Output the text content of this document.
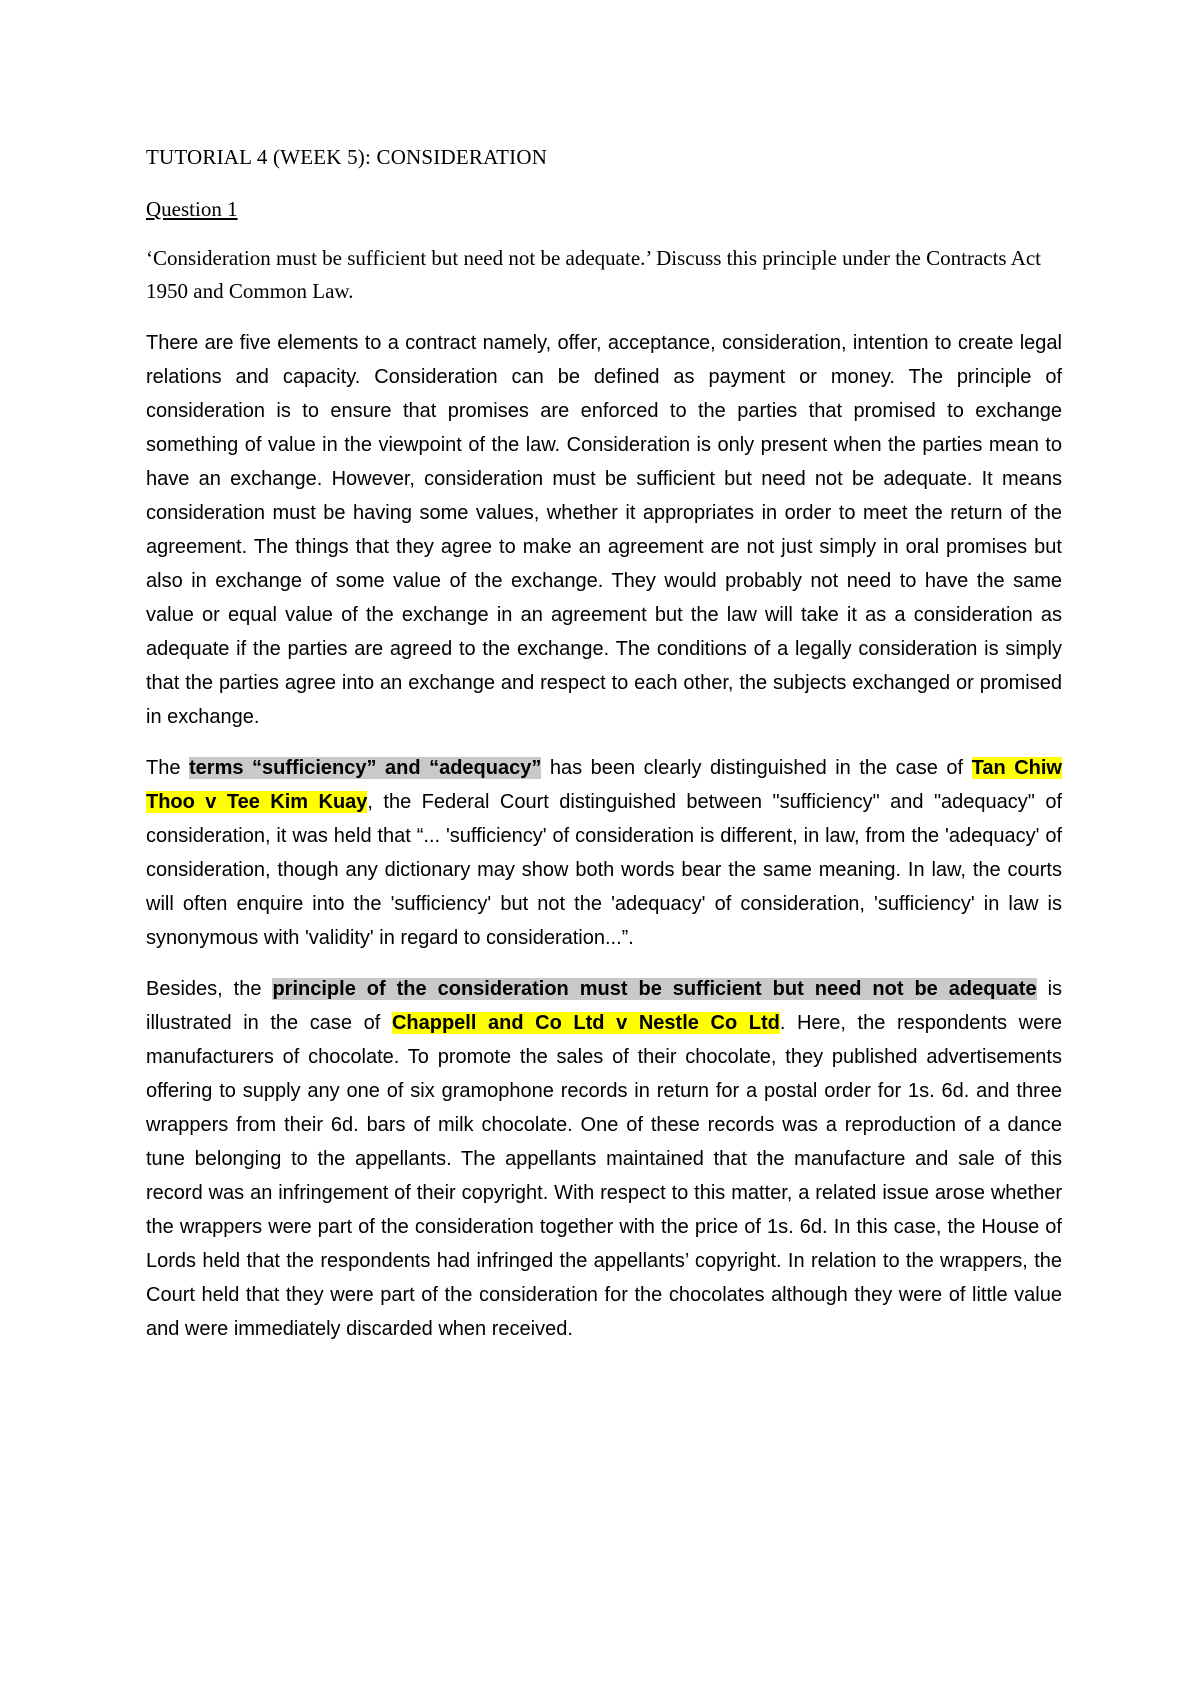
TUTORIAL 4 (WEEK 5): CONSIDERATION

Question 1

‘Consideration must be sufficient but need not be adequate.’ Discuss this principle under the Contracts Act 1950 and Common Law.

There are five elements to a contract namely, offer, acceptance, consideration, intention to create legal relations and capacity. Consideration can be defined as payment or money. The principle of consideration is to ensure that promises are enforced to the parties that promised to exchange something of value in the viewpoint of the law. Consideration is only present when the parties mean to have an exchange. However, consideration must be sufficient but need not be adequate. It means consideration must be having some values, whether it appropriates in order to meet the return of the agreement. The things that they agree to make an agreement are not just simply in oral promises but also in exchange of some value of the exchange. They would probably not need to have the same value or equal value of the exchange in an agreement but the law will take it as a consideration as adequate if the parties are agreed to the exchange. The conditions of a legally consideration is simply that the parties agree into an exchange and respect to each other, the subjects exchanged or promised in exchange.

The terms “sufficiency” and “adequacy” has been clearly distinguished in the case of Tan Chiw Thoo v Tee Kim Kuay, the Federal Court distinguished between "sufficiency" and "adequacy" of consideration, it was held that “... 'sufficiency' of consideration is different, in law, from the 'adequacy' of consideration, though any dictionary may show both words bear the same meaning. In law, the courts will often enquire into the 'sufficiency' but not the 'adequacy' of consideration, 'sufficiency' in law is synonymous with 'validity' in regard to consideration...”.

Besides, the principle of the consideration must be sufficient but need not be adequate is illustrated in the case of Chappell and Co Ltd v Nestle Co Ltd. Here, the respondents were manufacturers of chocolate. To promote the sales of their chocolate, they published advertisements offering to supply any one of six gramophone records in return for a postal order for 1s. 6d. and three wrappers from their 6d. bars of milk chocolate. One of these records was a reproduction of a dance tune belonging to the appellants. The appellants maintained that the manufacture and sale of this record was an infringement of their copyright. With respect to this matter, a related issue arose whether the wrappers were part of the consideration together with the price of 1s. 6d. In this case, the House of Lords held that the respondents had infringed the appellants’ copyright. In relation to the wrappers, the Court held that they were part of the consideration for the chocolates although they were of little value and were immediately discarded when received.
